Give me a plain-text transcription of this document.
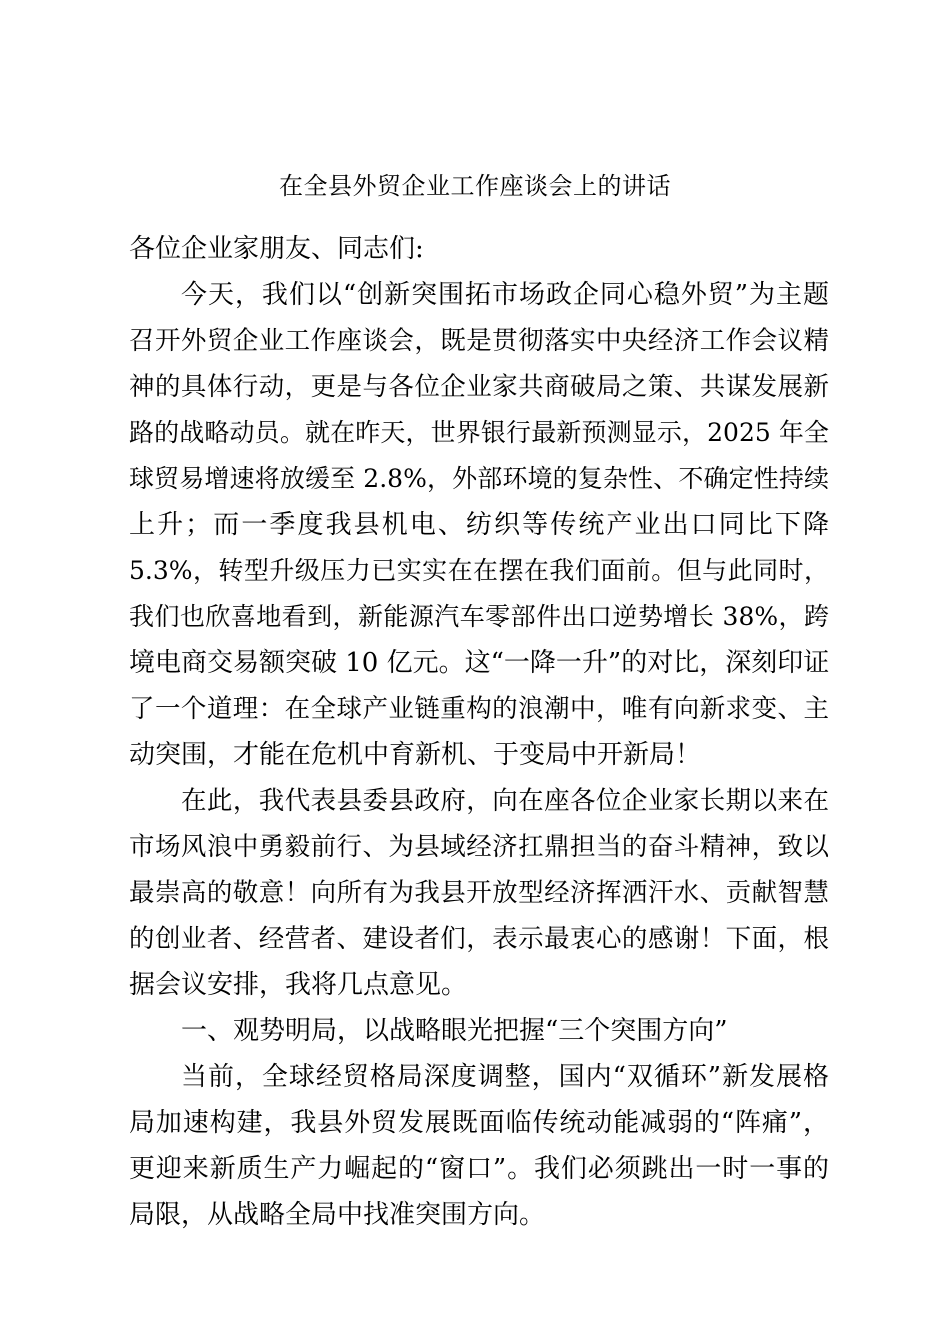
在全县外贸企业工作座谈会上的讲话
各位企业家朋友、同志们:
今天，我们以“创新突围拓市场政企同心稳外贸”为主题
召开外贸企业工作座谈会，既是贯彻落实中央经济工作会议精
神的具体行动，更是与各位企业家共商破局之策、共谋发展新
路的战略动员。就在昨天，世界银行最新预测显示，2025 年全
球贸易增速将放缓至 2.8%，外部环境的复杂性、不确定性持续
上升；而一季度我县机电、纺织等传统产业出口同比下降
5.3%，转型升级压力已实实在在摆在我们面前。但与此同时，
我们也欣喜地看到，新能源汽车零部件出口逆势增长 38%，跨
境电商交易额突破 10 亿元。这“一降一升”的对比，深刻印证
了一个道理：在全球产业链重构的浪潮中，唯有向新求变、主
动突围，才能在危机中育新机、于变局中开新局！
在此，我代表县委县政府，向在座各位企业家长期以来在
市场风浪中勇毅前行、为县域经济扛鼎担当的奋斗精神，致以
最崇高的敬意！向所有为我县开放型经济挥洒汗水、贡献智慧
的创业者、经营者、建设者们，表示最衷心的感谢！下面，根
据会议安排，我将几点意见。
一、观势明局，以战略眼光把握“三个突围方向”
当前，全球经贸格局深度调整，国内“双循环”新发展格
局加速构建，我县外贸发展既面临传统动能减弱的“阵痛”，
更迎来新质生产力崛起的“窗口”。我们必须跳出一时一事的
局限，从战略全局中找准突围方向。
